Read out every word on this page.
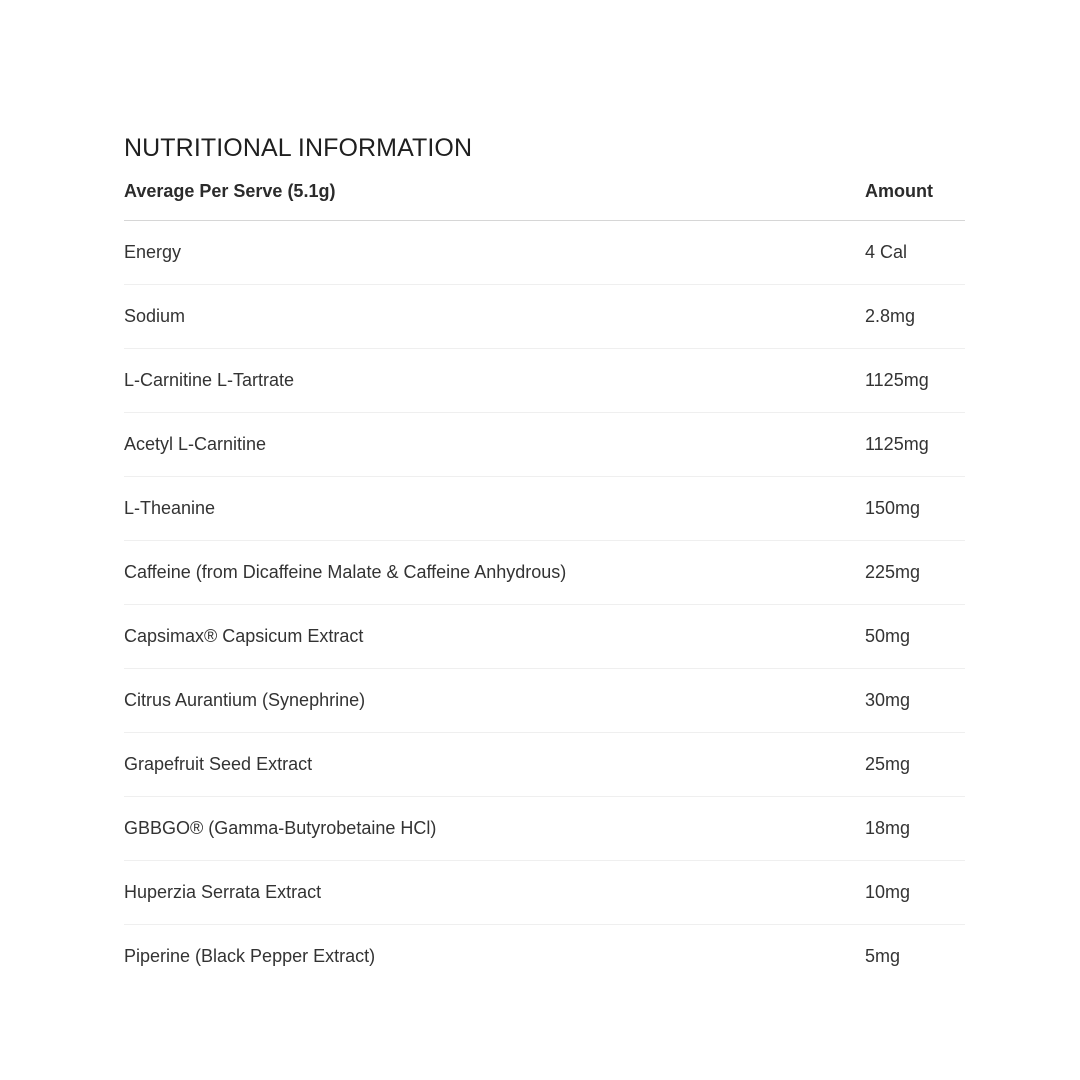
NUTRITIONAL INFORMATION
Average Per Serve (5.1g)	Amount
Energy	4 Cal
Sodium	2.8mg
L-Carnitine L-Tartrate	1125mg
Acetyl L-Carnitine	1125mg
L-Theanine	150mg
Caffeine (from Dicaffeine Malate & Caffeine Anhydrous)	225mg
Capsimax® Capsicum Extract	50mg
Citrus Aurantium (Synephrine)	30mg
Grapefruit Seed Extract	25mg
GBBGO® (Gamma-Butyrobetaine HCl)	18mg
Huperzia Serrata Extract	10mg
Piperine (Black Pepper Extract)	5mg
